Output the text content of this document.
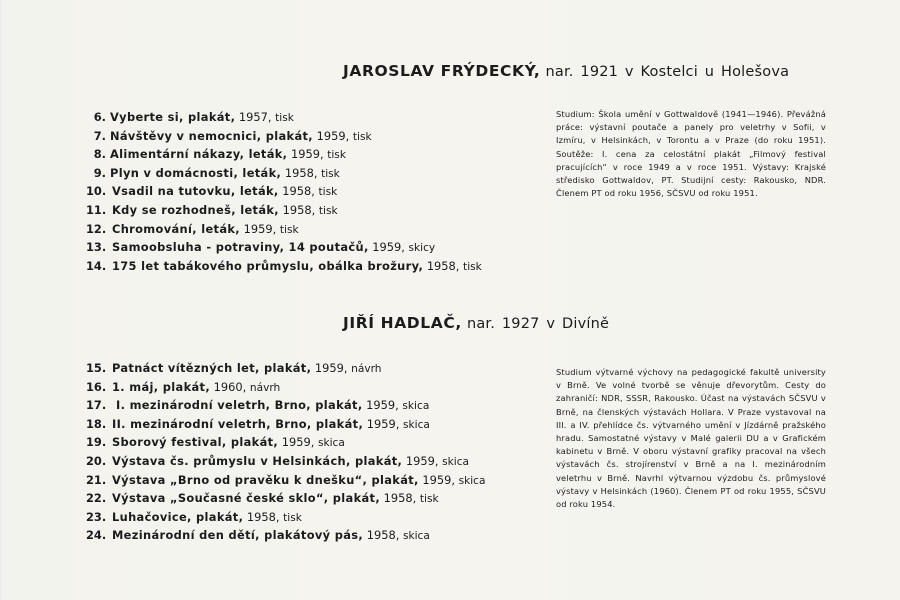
JAROSLAV FRÝDECKÝ, nar. 1921 v Kostelci u Holešova
6. Vyberte si, plakát, 1957, tisk
7. Návštěvy v nemocnici, plakát, 1959, tisk
8. Alimentární nákazy, leták, 1959, tisk
9. Plyn v domácnosti, leták, 1958, tisk
10. Vsadil na tutovku, leták, 1958, tisk
11. Kdy se rozhodneš, leták, 1958, tisk
12. Chromování, leták, 1959, tisk
13. Samoobsluha - potraviny, 14 poutačů, 1959, skicy
14. 175 let tabákového průmyslu, obálka brožury, 1958, tisk

Studium: Škola umění v Gottwaldově (1941—1946). Převážná práce: výstavní poutače a panely pro veletrhy v Sofii, v Izmíru, v Helsinkách, v Torontu a v Praze (do roku 1951). Soutěže: I. cena za celostátní plakát „Filmový festival pracujících“ v roce 1949 a v roce 1951. Výstavy: Krajské středisko Gottwaldov, PT. Studijní cesty: Rakousko, NDR. Členem PT od roku 1956, SČSVU od roku 1951.

JIŘÍ HADLAČ, nar. 1927 v Divíně
15. Patnáct vítězných let, plakát, 1959, návrh
16. 1. máj, plakát, 1960, návrh
17. I. mezinárodní veletrh, Brno, plakát, 1959, skica
18. II. mezinárodní veletrh, Brno, plakát, 1959, skica
19. Sborový festival, plakát, 1959, skica
20. Výstava čs. průmyslu v Helsinkách, plakát, 1959, skica
21. Výstava „Brno od pravěku k dnešku“, plakát, 1959, skica
22. Výstava „Současné české sklo“, plakát, 1958, tisk
23. Luhačovice, plakát, 1958, tisk
24. Mezinárodní den dětí, plakátový pás, 1958, skica

Studium výtvarné výchovy na pedagogické fakultě university v Brně. Ve volné tvorbě se věnuje dřevorytům. Cesty do zahraničí: NDR, SSSR, Rakousko. Účast na výstavách SČSVU v Brně, na členských výstavách Hollara. V Praze vystavoval na III. a IV. přehlídce čs. výtvarného umění v Jízdárně pražského hradu. Samostatné výstavy v Malé galerii DU a v Grafickém kabinetu v Brně. V oboru výstavní grafiky pracoval na všech výstavách čs. strojírenství v Brně a na I. mezinárodním veletrhu v Brně. Navrhl výtvarnou výzdobu čs. průmyslové výstavy v Helsinkách (1960). Členem PT od roku 1955, SČSVU od roku 1954.
